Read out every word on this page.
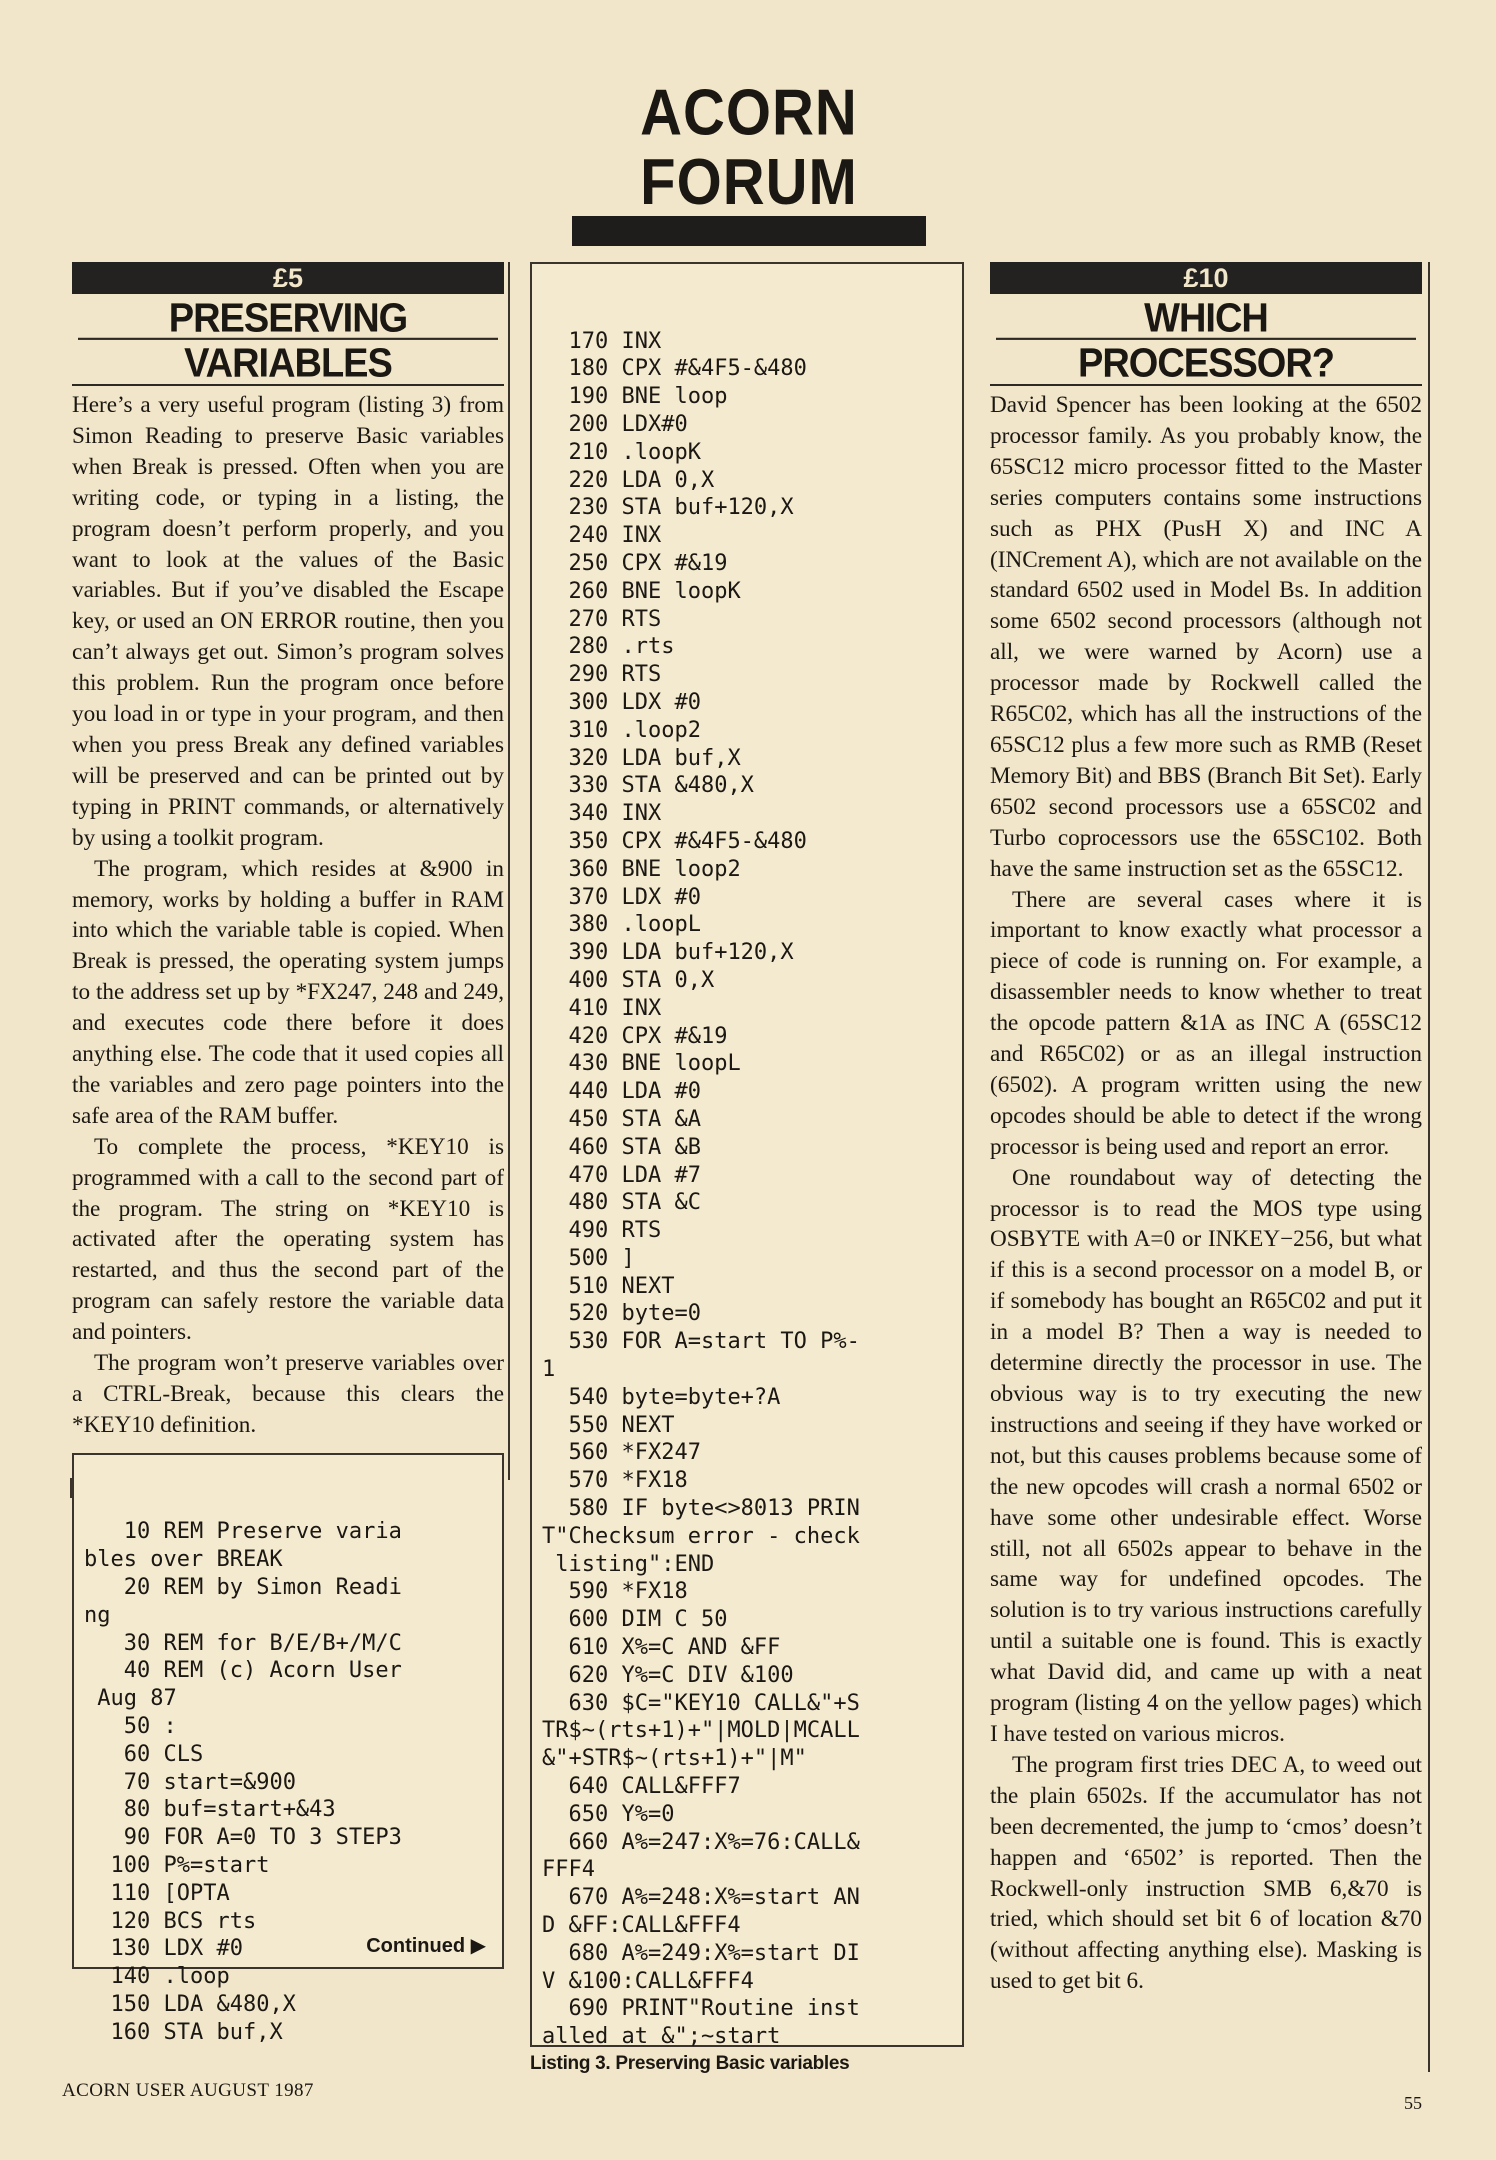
ACORN FORUM
£5
PRESERVING
VARIABLES

Here’s a very useful program (listing 3) from Simon Reading to preserve Basic variables when Break is pressed. Often when you are writing code, or typing in a listing, the program doesn’t perform properly, and you want to look at the values of the Basic variables. But if you’ve disabled the Escape key, or used an ON ERROR routine, then you can’t always get out. Simon’s program solves this problem. Run the program once before you load in or type in your program, and then when you press Break any defined variables will be preserved and can be printed out by typing in PRINT commands, or alternatively by using a toolkit program.

The program, which resides at &900 in memory, works by holding a buffer in RAM into which the variable table is copied. When Break is pressed, the operating system jumps to the address set up by *FX247, 248 and 249, and executes code there before it does anything else. The code that it used copies all the variables and zero page pointers into the safe area of the RAM buffer.

To complete the process, *KEY10 is programmed with a call to the second part of the program. The string on *KEY10 is activated after the operating system has restarted, and thus the second part of the program can safely restore the variable data and pointers.

The program won’t preserve variables over a CTRL-Break, because this clears the *KEY10 definition.

10 REM Preserve varia
bles over BREAK
20 REM by Simon Readi
ng
30 REM for B/E/B+/M/C
40 REM (c) Acorn User
Aug 87
50 :
60 CLS
70 start=&900
80 buf=start+&43
90 FOR A=0 TO 3 STEP3
100 P%=start
110 [OPTA
120 BCS rts
130 LDX #0
140 .loop
150 LDA &480,X
160 STA buf,X

Continued ▶

170 INX
180 CPX #&4F5-&480
190 BNE loop
200 LDX#0
210 .loopK
220 LDA 0,X
230 STA buf+120,X
240 INX
250 CPX #&19
260 BNE loopK
270 RTS
280 .rts
290 RTS
300 LDX #0
310 .loop2
320 LDA buf,X
330 STA &480,X
340 INX
350 CPX #&4F5-&480
360 BNE loop2
370 LDX #0
380 .loopL
390 LDA buf+120,X
400 STA 0,X
410 INX
420 CPX #&19
430 BNE loopL
440 LDA #0
450 STA &A
460 STA &B
470 LDA #7
480 STA &C
490 RTS
500 ]
510 NEXT
520 byte=0
530 FOR A=start TO P%-
1
540 byte=byte+?A
550 NEXT
560 *FX247
570 *FX18
580 IF byte<>8013 PRIN
T"Checksum error - check
listing":END
590 *FX18
600 DIM C 50
610 X%=C AND &FF
620 Y%=C DIV &100
630 $C="KEY10 CALL&"+S
TR$~(rts+1)+"|MOLD|MCALL
&"+STR$~(rts+1)+"|M"
640 CALL&FFF7
650 Y%=0
660 A%=247:X%=76:CALL&
FFF4
670 A%=248:X%=start AN
D &FF:CALL&FFF4
680 A%=249:X%=start DI
V &100:CALL&FFF4
690 PRINT"Routine inst
alled at &";~start

Listing 3. Preserving Basic variables
£10
WHICH
PROCESSOR?

David Spencer has been looking at the 6502 processor family. As you probably know, the 65SC12 micro processor fitted to the Master series computers contains some instructions such as PHX (PusH X) and INC A (INCrement A), which are not available on the standard 6502 used in Model Bs. In addition some 6502 second processors (although not all, we were warned by Acorn) use a processor made by Rockwell called the R65C02, which has all the instructions of the 65SC12 plus a few more such as RMB (Reset Memory Bit) and BBS (Branch Bit Set). Early 6502 second processors use a 65SC02 and Turbo coprocessors use the 65SC102. Both have the same instruction set as the 65SC12.

There are several cases where it is important to know exactly what processor a piece of code is running on. For example, a disassembler needs to know whether to treat the opcode pattern &1A as INC A (65SC12 and R65C02) or as an illegal instruction (6502). A program written using the new opcodes should be able to detect if the wrong processor is being used and report an error.

One roundabout way of detecting the processor is to read the MOS type using OSBYTE with A=0 or INKEY−256, but what if this is a second processor on a model B, or if somebody has bought an R65C02 and put it in a model B? Then a way is needed to determine directly the processor in use. The obvious way is to try executing the new instructions and seeing if they have worked or not, but this causes problems because some of the new opcodes will crash a normal 6502 or have some other undesirable effect. Worse still, not all 6502s appear to behave in the same way for undefined opcodes. The solution is to try various instructions carefully until a suitable one is found. This is exactly what David did, and came up with a neat program (listing 4 on the yellow pages) which I have tested on various micros.

The program first tries DEC A, to weed out the plain 6502s. If the accumulator has not been decremented, the jump to ‘cmos’ doesn’t happen and ‘6502’ is reported. Then the Rockwell-only instruction SMB 6,&70 is tried, which should set bit 6 of location &70 (without affecting anything else). Masking is used to get bit 6.

ACORN USER AUGUST 1987
55
